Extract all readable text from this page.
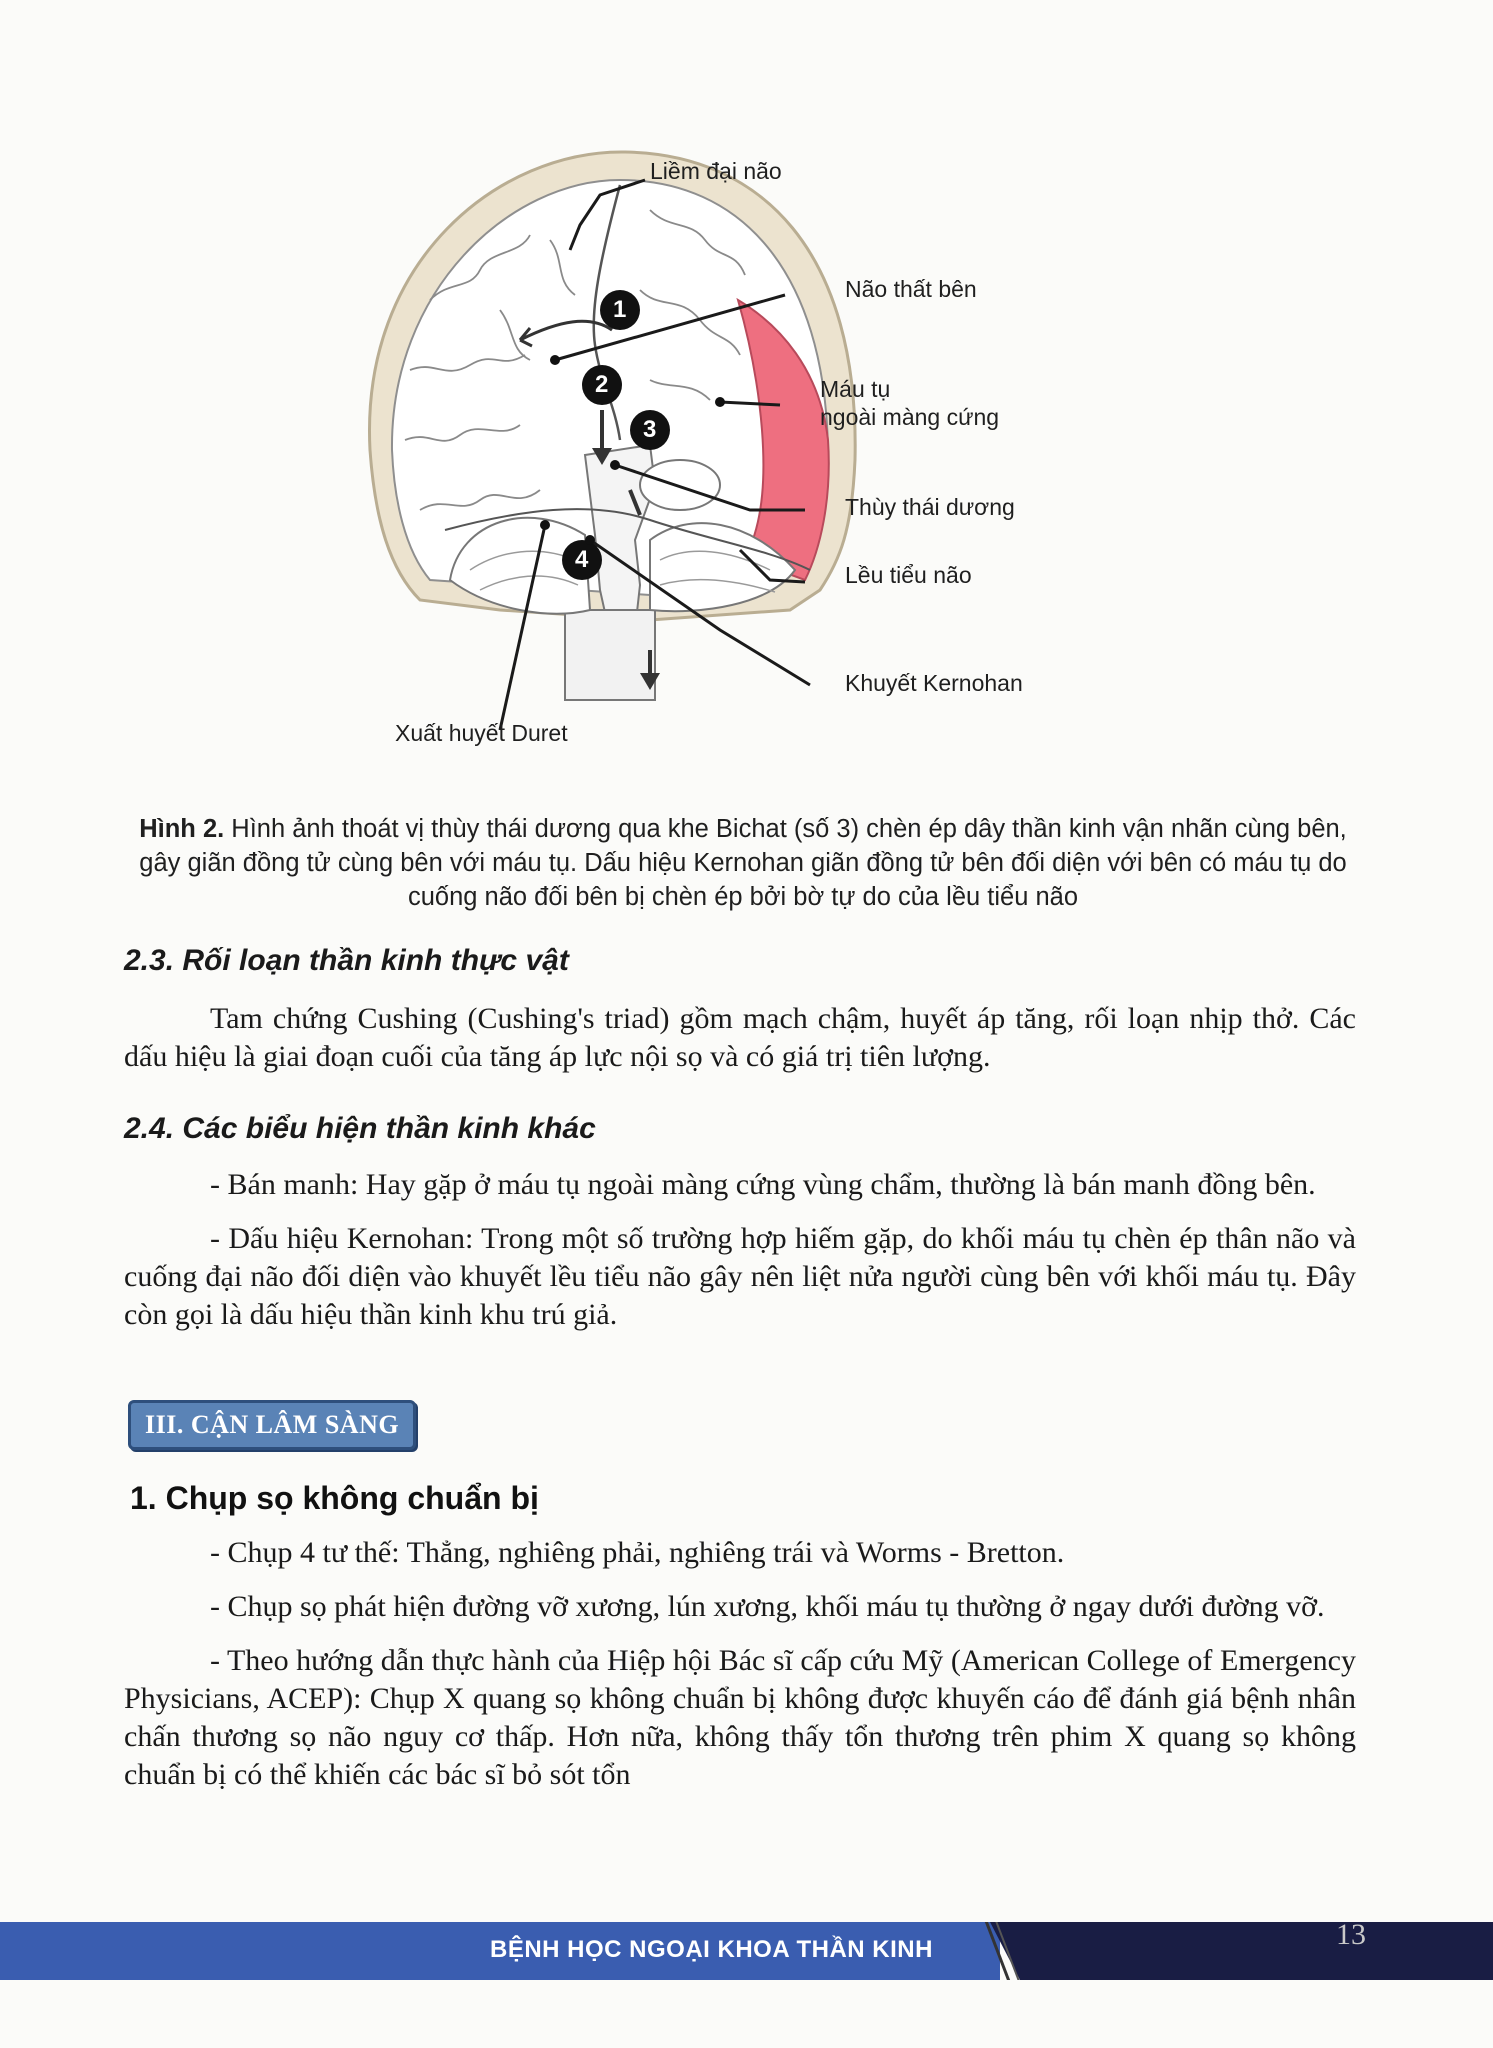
1
2
3
4
Liềm đại não
Não thất bên
Máu tụ
ngoài màng cứng
Thùy thái dương
Lều tiểu não
Khuyết Kernohan
Xuất huyết Duret
Hình 2. Hình ảnh thoát vị thùy thái dương qua khe Bichat (số 3) chèn ép dây thần kinh vận nhãn cùng bên, gây giãn đồng tử cùng bên với máu tụ. Dấu hiệu Kernohan giãn đồng tử bên đối diện với bên có máu tụ do cuống não đối bên bị chèn ép bởi bờ tự do của lều tiểu não
2.3. Rối loạn thần kinh thực vật

Tam chứng Cushing (Cushing's triad) gồm mạch chậm, huyết áp tăng, rối loạn nhịp thở. Các dấu hiệu là giai đoạn cuối của tăng áp lực nội sọ và có giá trị tiên lượng.

2.4. Các biểu hiện thần kinh khác

- Bán manh: Hay gặp ở máu tụ ngoài màng cứng vùng chẩm, thường là bán manh đồng bên.

- Dấu hiệu Kernohan: Trong một số trường hợp hiếm gặp, do khối máu tụ chèn ép thân não và cuống đại não đối diện vào khuyết lều tiểu não gây nên liệt nửa người cùng bên với khối máu tụ. Đây còn gọi là dấu hiệu thần kinh khu trú giả.

III. CẬN LÂM SÀNG
1. Chụp sọ không chuẩn bị

- Chụp 4 tư thế: Thẳng, nghiêng phải, nghiêng trái và Worms - Bretton.

- Chụp sọ phát hiện đường vỡ xương, lún xương, khối máu tụ thường ở ngay dưới đường vỡ.

- Theo hướng dẫn thực hành của Hiệp hội Bác sĩ cấp cứu Mỹ (American College of Emergency Physicians, ACEP): Chụp X quang sọ không chuẩn bị không được khuyến cáo để đánh giá bệnh nhân chấn thương sọ não nguy cơ thấp. Hơn nữa, không thấy tổn thương trên phim X quang sọ không chuẩn bị có thể khiến các bác sĩ bỏ sót tổn

BỆNH HỌC NGOẠI KHOA THẦN KINH	13
